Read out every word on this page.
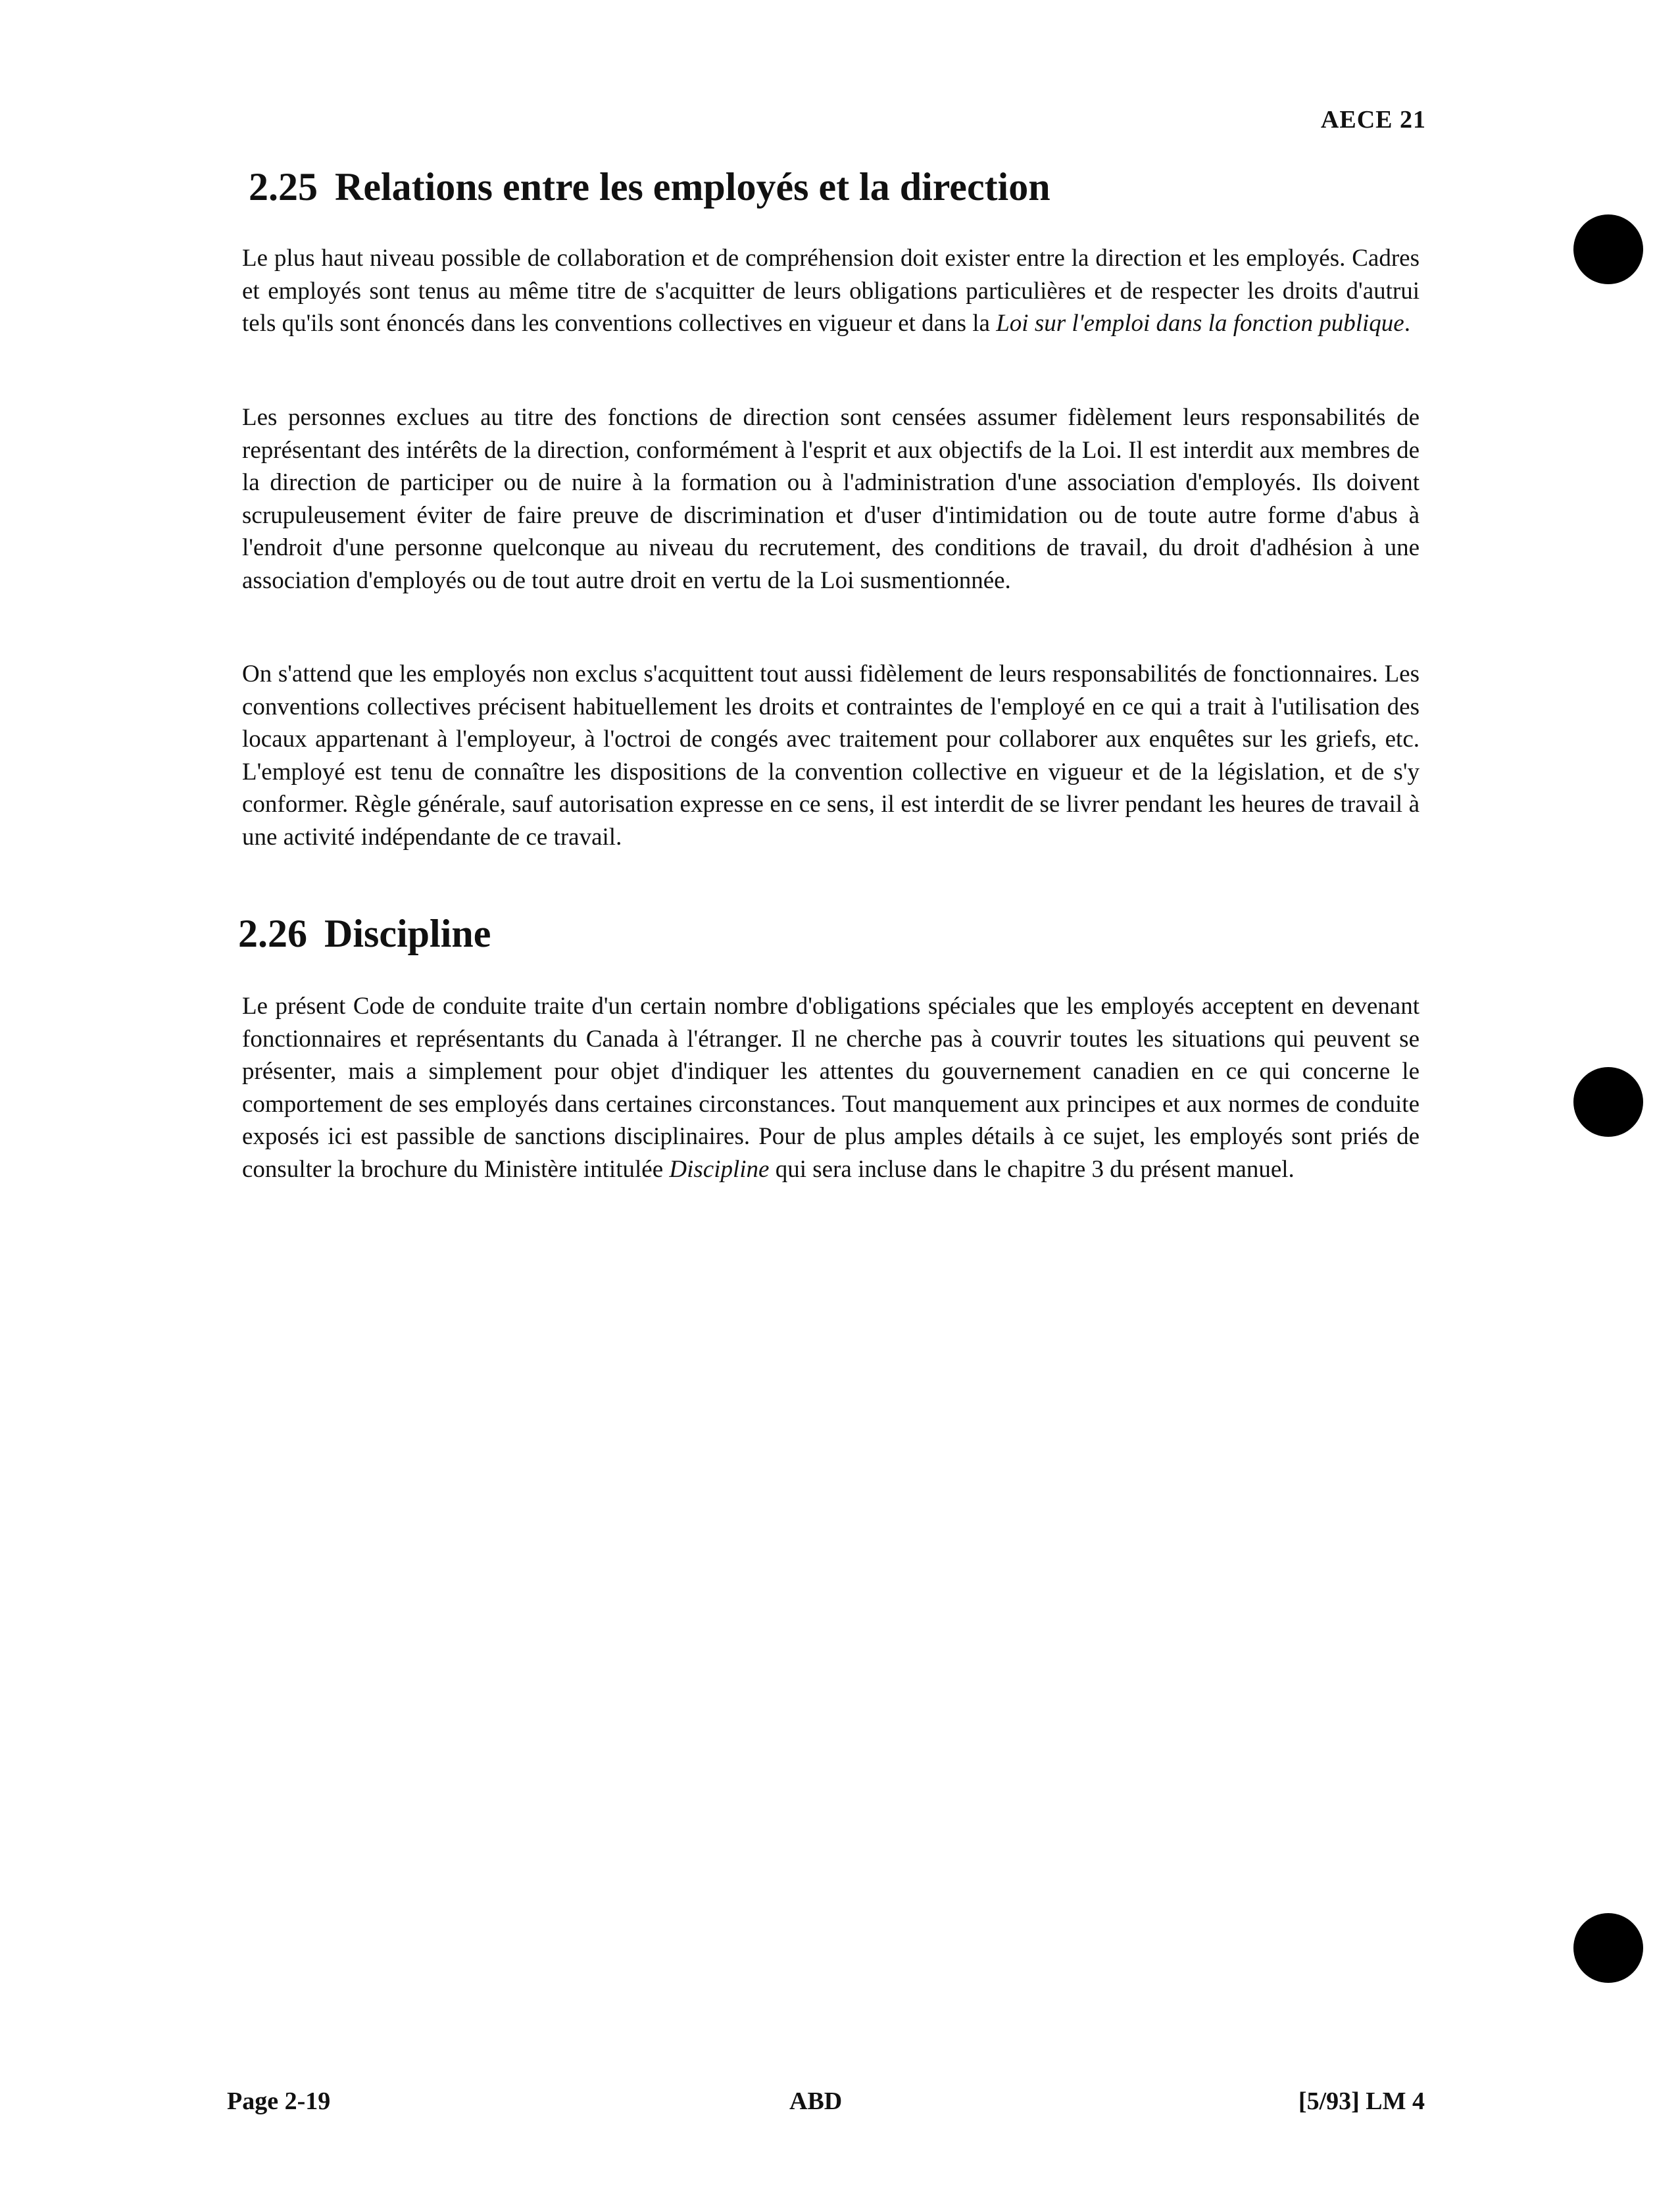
AECE 21
2.25 Relations entre les employés et la direction

Le plus haut niveau possible de collaboration et de compréhension doit exister entre la direction et les employés. Cadres et employés sont tenus au même titre de s'acquitter de leurs obligations particulières et de respecter les droits d'autrui tels qu'ils sont énoncés dans les conventions collectives en vigueur et dans la Loi sur l'emploi dans la fonction publique.

Les personnes exclues au titre des fonctions de direction sont censées assumer fidèlement leurs responsabilités de représentant des intérêts de la direction, conformément à l'esprit et aux objectifs de la Loi. Il est interdit aux membres de la direction de participer ou de nuire à la formation ou à l'administration d'une association d'employés. Ils doivent scrupuleusement éviter de faire preuve de discrimination et d'user d'intimidation ou de toute autre forme d'abus à l'endroit d'une personne quelconque au niveau du recrutement, des conditions de travail, du droit d'adhésion à une association d'employés ou de tout autre droit en vertu de la Loi susmentionnée.

On s'attend que les employés non exclus s'acquittent tout aussi fidèlement de leurs responsabilités de fonctionnaires. Les conventions collectives précisent habituellement les droits et contraintes de l'employé en ce qui a trait à l'utilisation des locaux appartenant à l'employeur, à l'octroi de congés avec traitement pour collaborer aux enquêtes sur les griefs, etc. L'employé est tenu de connaître les dispositions de la convention collective en vigueur et de la législation, et de s'y conformer. Règle générale, sauf autorisation expresse en ce sens, il est interdit de se livrer pendant les heures de travail à une activité indépendante de ce travail.

2.26 Discipline

Le présent Code de conduite traite d'un certain nombre d'obligations spéciales que les employés acceptent en devenant fonctionnaires et représentants du Canada à l'étranger. Il ne cherche pas à couvrir toutes les situations qui peuvent se présenter, mais a simplement pour objet d'indiquer les attentes du gouvernement canadien en ce qui concerne le comportement de ses employés dans certaines circonstances. Tout manquement aux principes et aux normes de conduite exposés ici est passible de sanctions disciplinaires. Pour de plus amples détails à ce sujet, les employés sont priés de consulter la brochure du Ministère intitulée Discipline qui sera incluse dans le chapitre 3 du présent manuel.

Page 2-19	ABD	[5/93] LM 4
